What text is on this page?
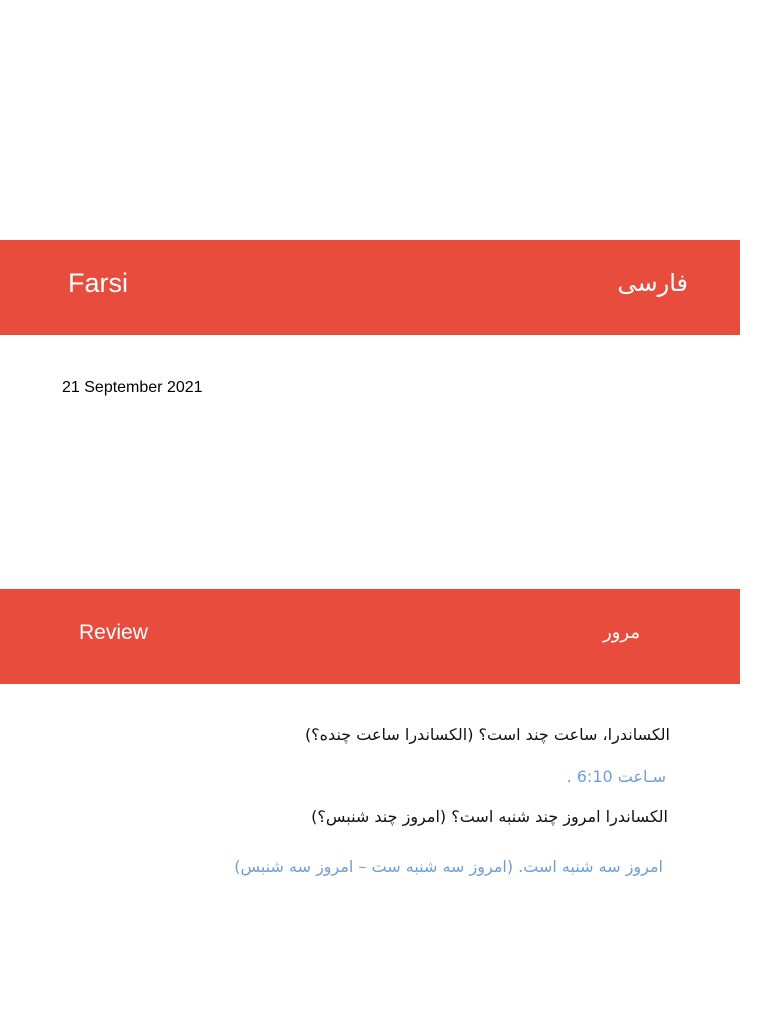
Farsi	فارسی
21 September 2021
Review	مرور
الکساندرا، ساعت چند است؟ (الکساندرا ساعت چنده؟)
سـاعت 6:10 .
الکساندرا امروز چند شنبه است؟ (امروز چند شنبس؟)
امروز سه شنبه است. (امروز سه شنبه ست – امروز سه شنبس)
